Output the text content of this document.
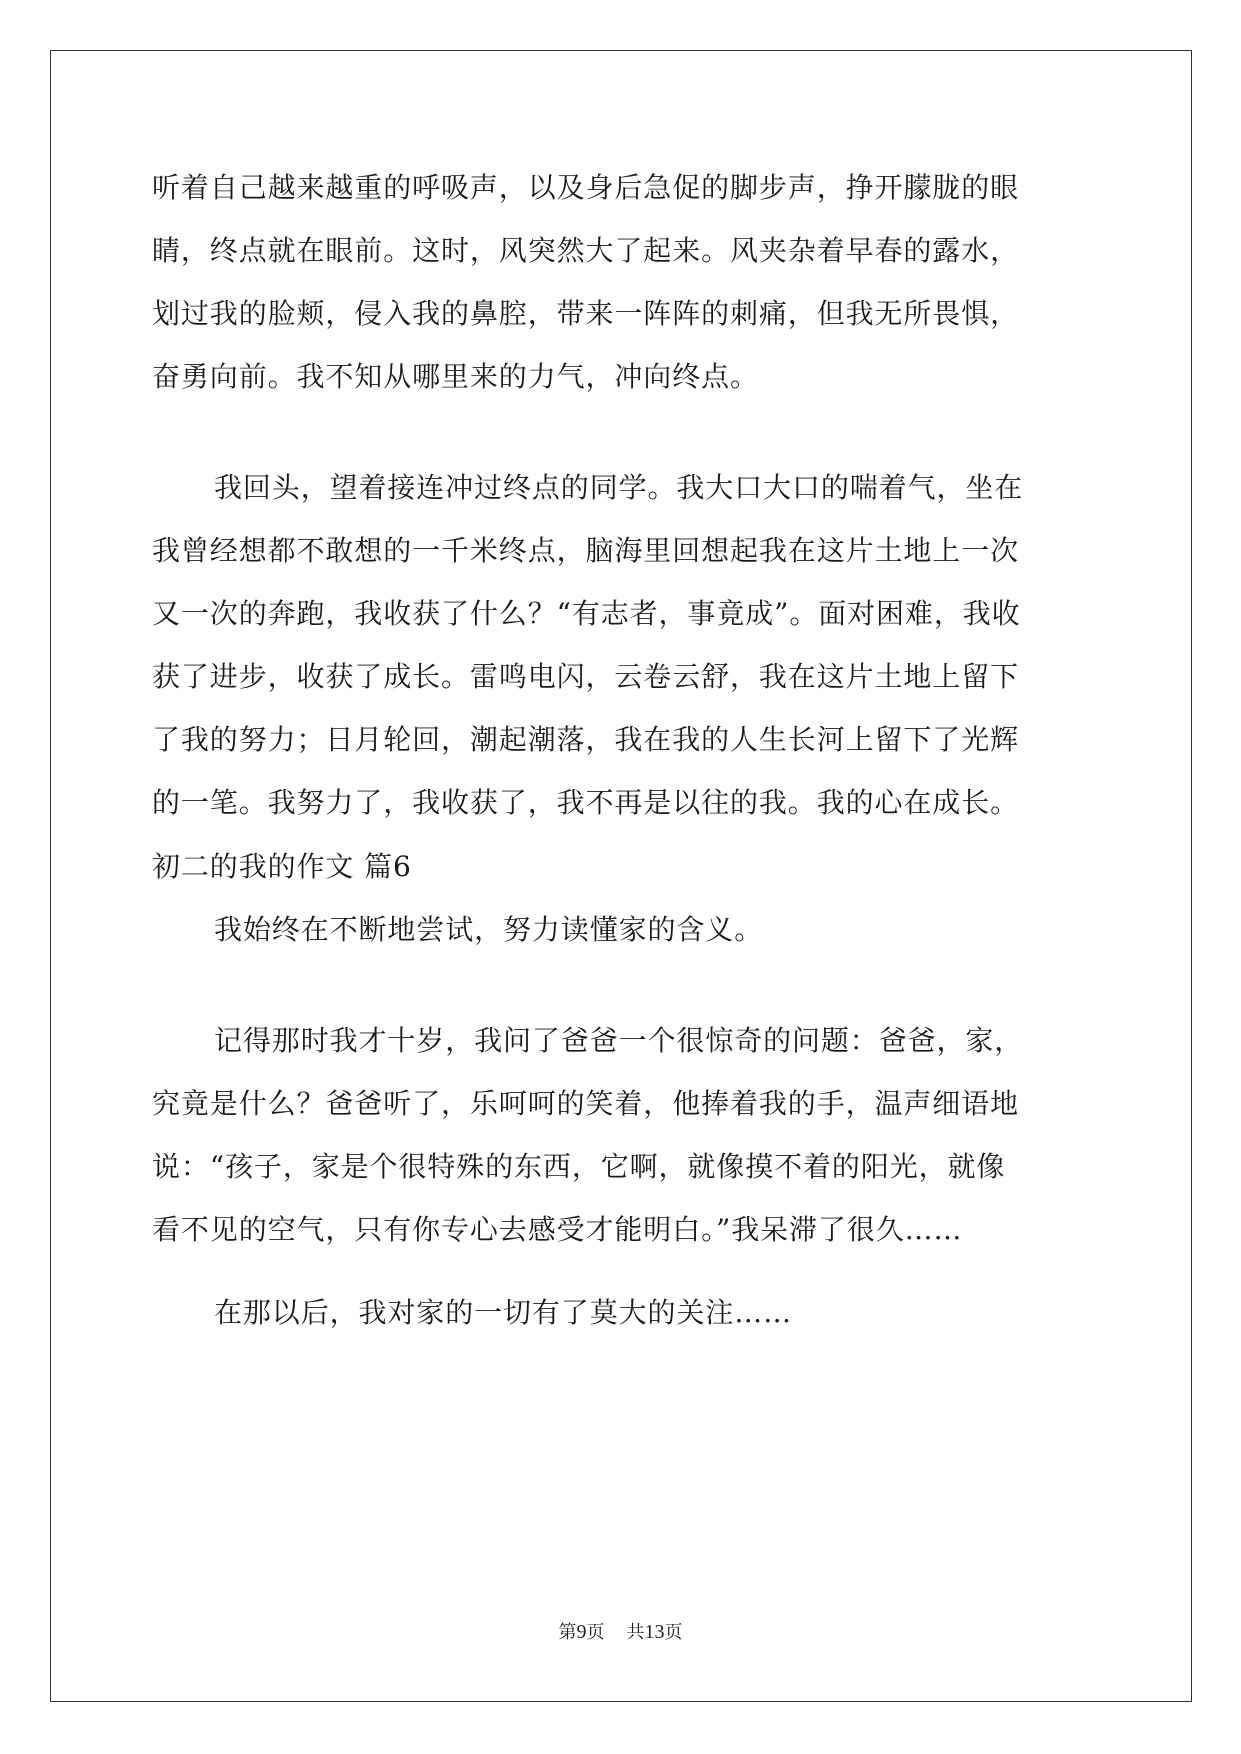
听着自己越来越重的呼吸声，以及身后急促的脚步声，挣开朦胧的眼
睛，终点就在眼前。这时，风突然大了起来。风夹杂着早春的露水，
划过我的脸颊，侵入我的鼻腔，带来一阵阵的刺痛，但我无所畏惧，
奋勇向前。我不知从哪里来的力气，冲向终点。
我回头，望着接连冲过终点的同学。我大口大口的喘着气，坐在
我曾经想都不敢想的一千米终点，脑海里回想起我在这片土地上一次
又一次的奔跑，我收获了什么？“有志者，事竟成”。面对困难，我收
获了进步，收获了成长。雷鸣电闪，云卷云舒，我在这片土地上留下
了我的努力；日月轮回，潮起潮落，我在我的人生长河上留下了光辉
的一笔。我努力了，我收获了，我不再是以往的我。我的心在成长。
初二的我的作文 篇6
我始终在不断地尝试，努力读懂家的含义。
记得那时我才十岁，我问了爸爸一个很惊奇的问题：爸爸，家，
究竟是什么？爸爸听了，乐呵呵的笑着，他捧着我的手，温声细语地
说：“孩子，家是个很特殊的东西，它啊，就像摸不着的阳光，就像
看不见的空气，只有你专心去感受才能明白。”我呆滞了很久……
在那以后，我对家的一切有了莫大的关注……
第9页 共13页
